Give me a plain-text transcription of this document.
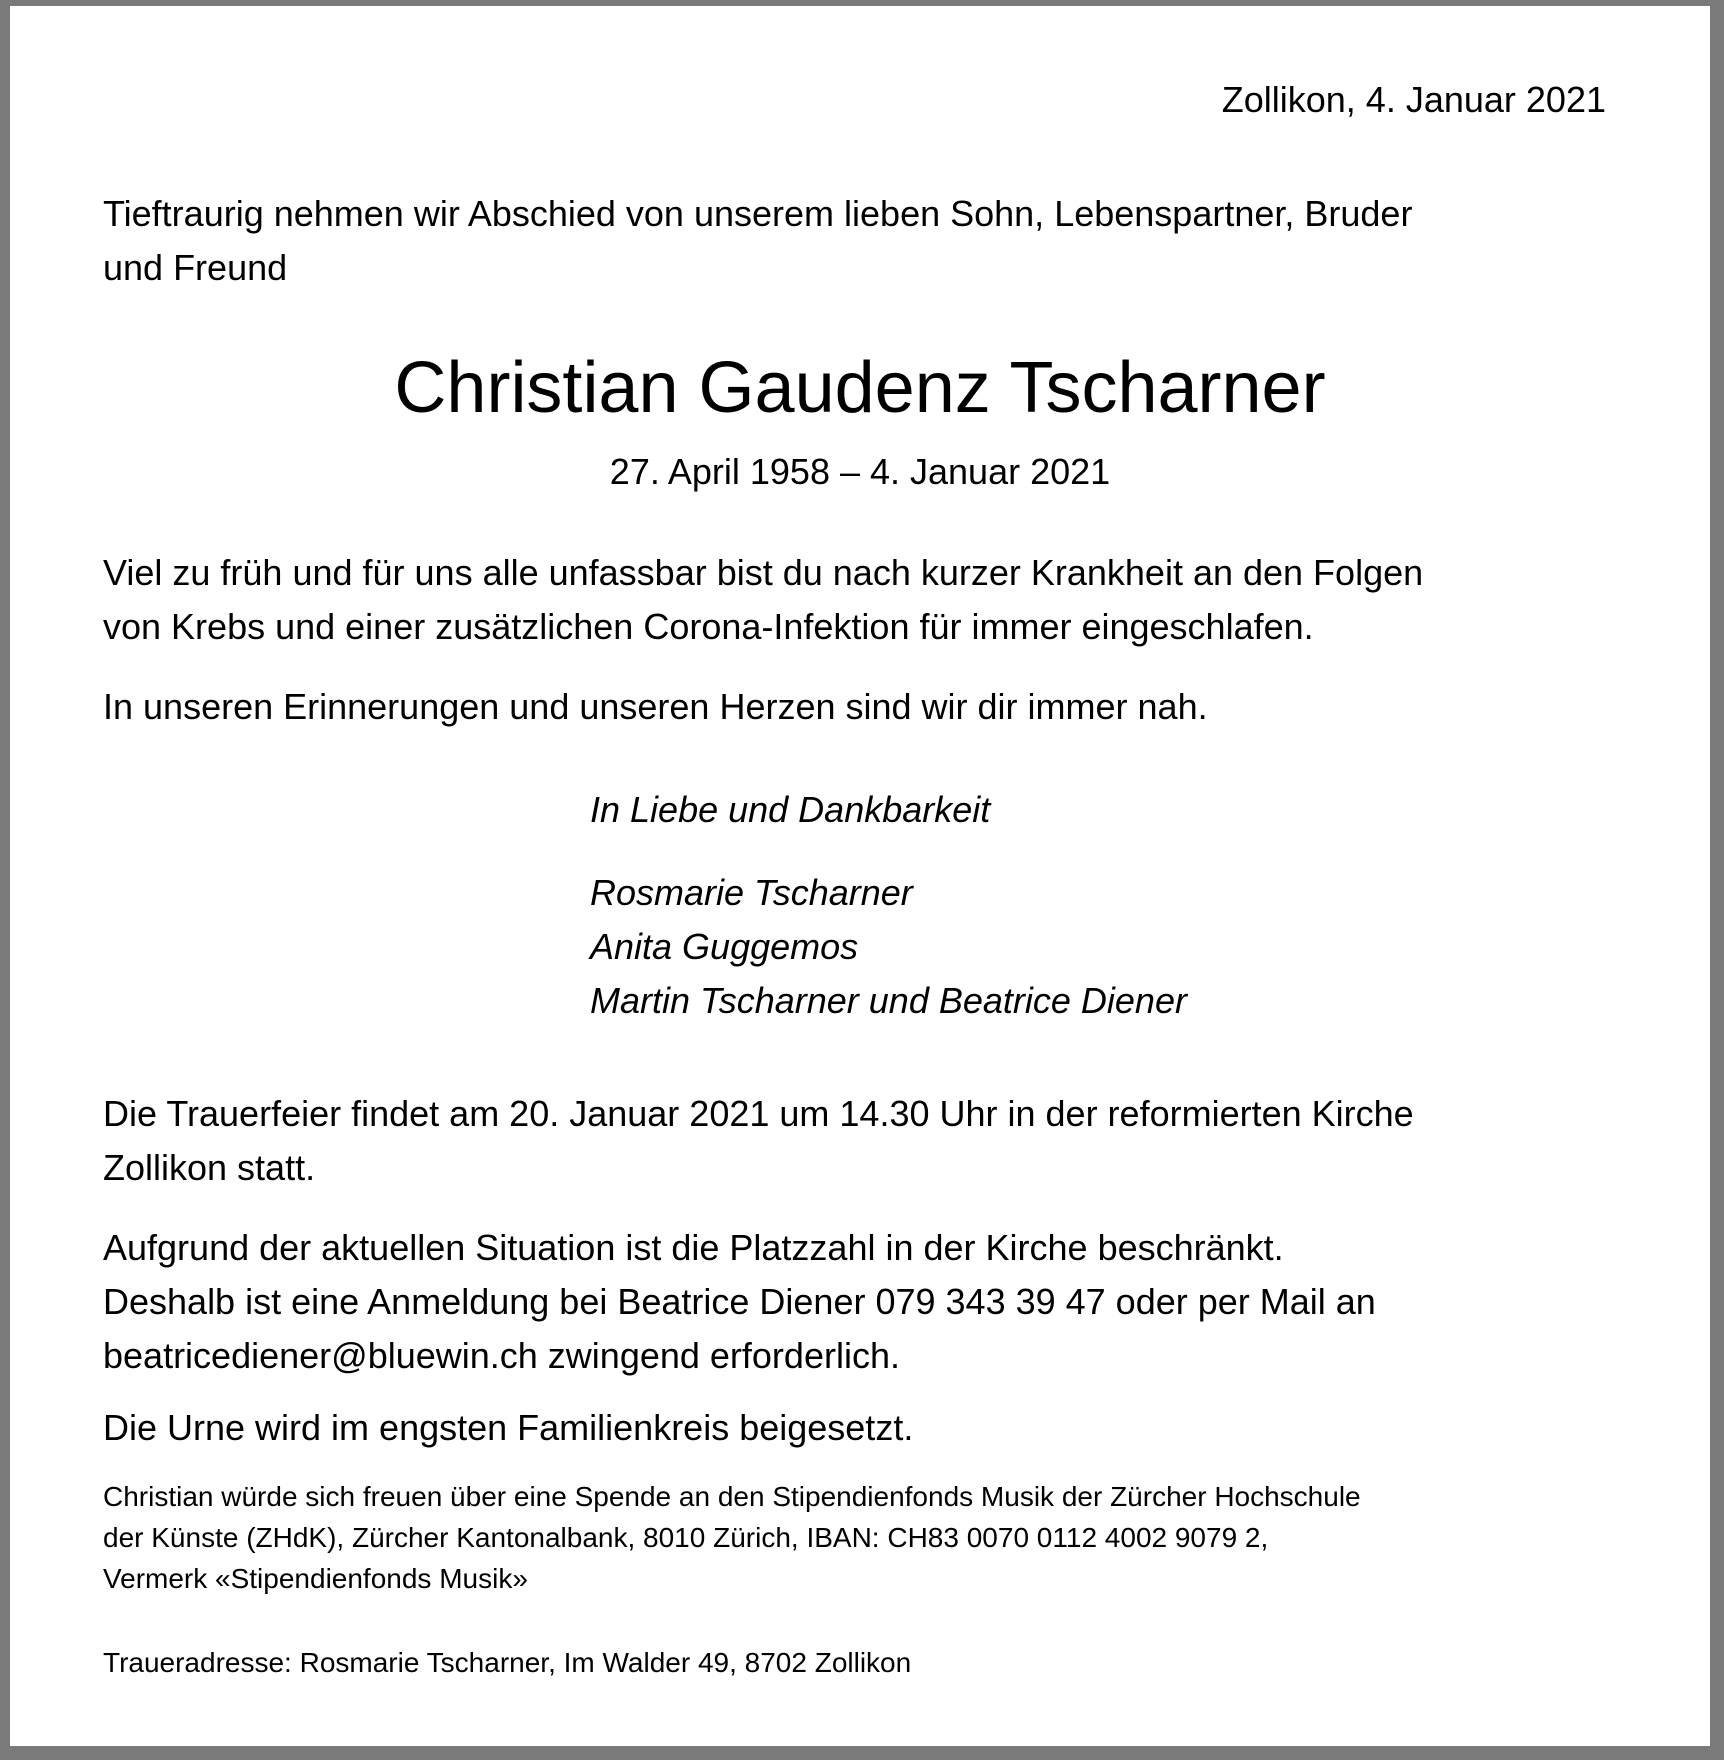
Zollikon, 4. Januar 2021

Tieftraurig nehmen wir Abschied von unserem lieben Sohn, Lebenspartner, Bruder
und Freund

Christian Gaudenz Tscharner

27. April 1958 – 4. Januar 2021

Viel zu früh und für uns alle unfassbar bist du nach kurzer Krankheit an den Folgen
von Krebs und einer zusätzlichen Corona-Infektion für immer eingeschlafen.

In unseren Erinnerungen und unseren Herzen sind wir dir immer nah.

In Liebe und Dankbarkeit

Rosmarie Tscharner
Anita Guggemos
Martin Tscharner und Beatrice Diener

Die Trauerfeier findet am 20. Januar 2021 um 14.30 Uhr in der reformierten Kirche
Zollikon statt.

Aufgrund der aktuellen Situation ist die Platzzahl in der Kirche beschränkt.
Deshalb ist eine Anmeldung bei Beatrice Diener 079 343 39 47 oder per Mail an
beatricediener@bluewin.ch zwingend erforderlich.

Die Urne wird im engsten Familienkreis beigesetzt.

Christian würde sich freuen über eine Spende an den Stipendienfonds Musik der Zürcher Hochschule
der Künste (ZHdK), Zürcher Kantonalbank, 8010 Zürich, IBAN: CH83 0070 0112 4002 9079 2,
Vermerk «Stipendienfonds Musik»

Traueradresse: Rosmarie Tscharner, Im Walder 49, 8702 Zollikon
